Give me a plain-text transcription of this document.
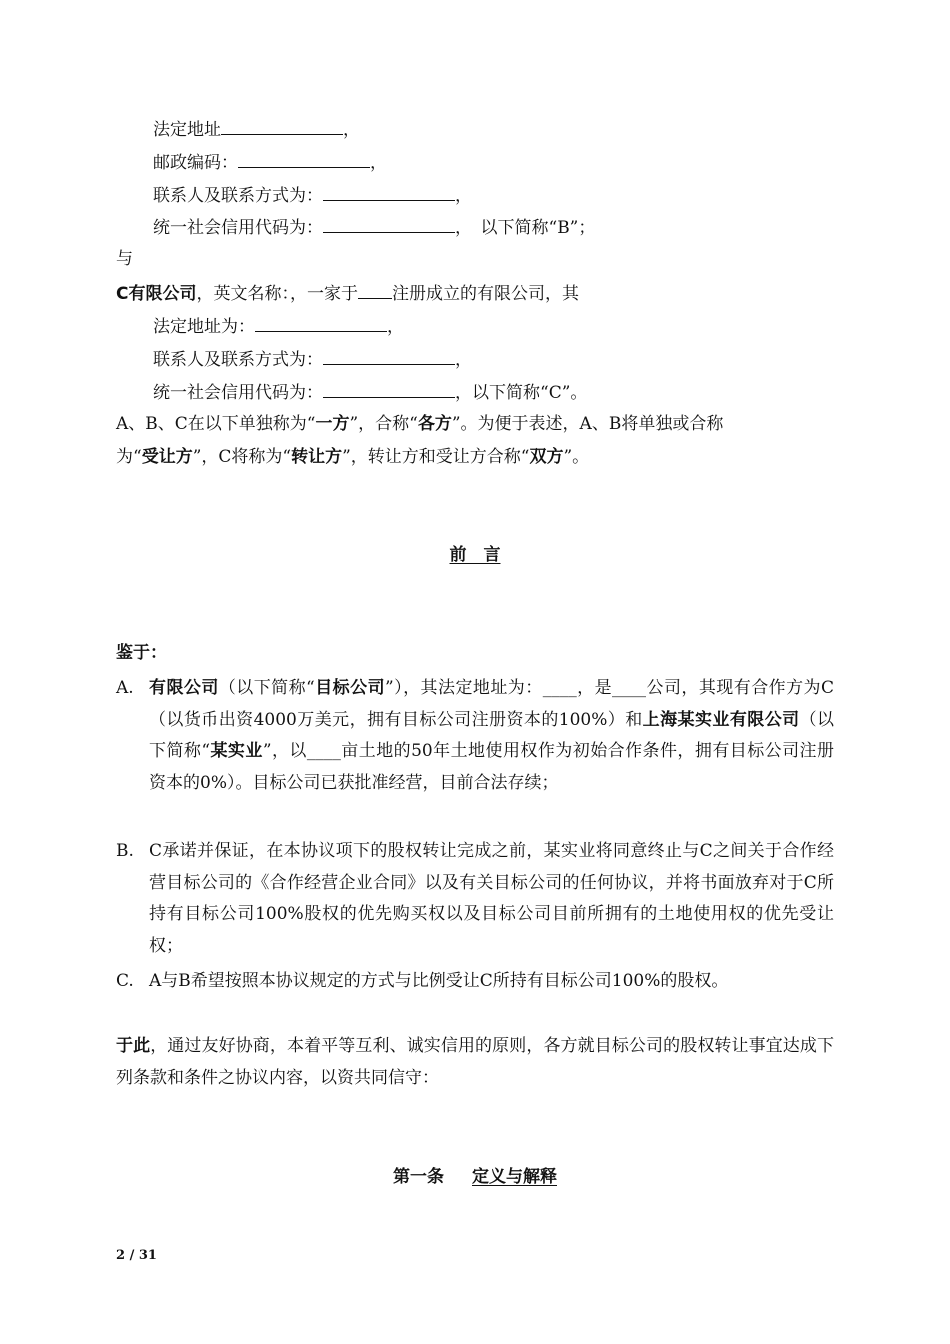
法定地址	，
邮政编码：	，
联系人及联系方式为：	，
统一社会信用代码为：	，　以下简称“B”；
与
C有限公司，英文名称：，一家于 注册成立的有限公司，其
法定地址为：	，
联系人及联系方式为：	，
统一社会信用代码为：	，以下简称“C”。
A、B、C在以下单独称为“一方”，合称“各方”。为便于表述，A、B将单独或合称
为“受让方”，C将称为“转让方”，转让方和受让方合称“双方”。
前　言
鉴于：
A. 有限公司（以下简称“目标公司”），其法定地址为：____，是____公司，其现有合作方为C（以货币出资4000万美元，拥有目标公司注册资本的100%）和上海某实业有限公司（以下简称“某实业”，以____亩土地的50年土地使用权作为初始合作条件，拥有目标公司注册资本的0%）。目标公司已获批准经营，目前合法存续；
B. C承诺并保证，在本协议项下的股权转让完成之前，某实业将同意终止与C之间关于合作经营目标公司的《合作经营企业合同》以及有关目标公司的任何协议，并将书面放弃对于C所持有目标公司100%股权的优先购买权以及目标公司目前所拥有的土地使用权的优先受让权；
C. A与B希望按照本协议规定的方式与比例受让C所持有目标公司100%的股权。
于此，通过友好协商，本着平等互利、诚实信用的原则，各方就目标公司的股权转让事宜达成下列条款和条件之协议内容，以资共同信守：
第一条 定义与解释
2 / 31
